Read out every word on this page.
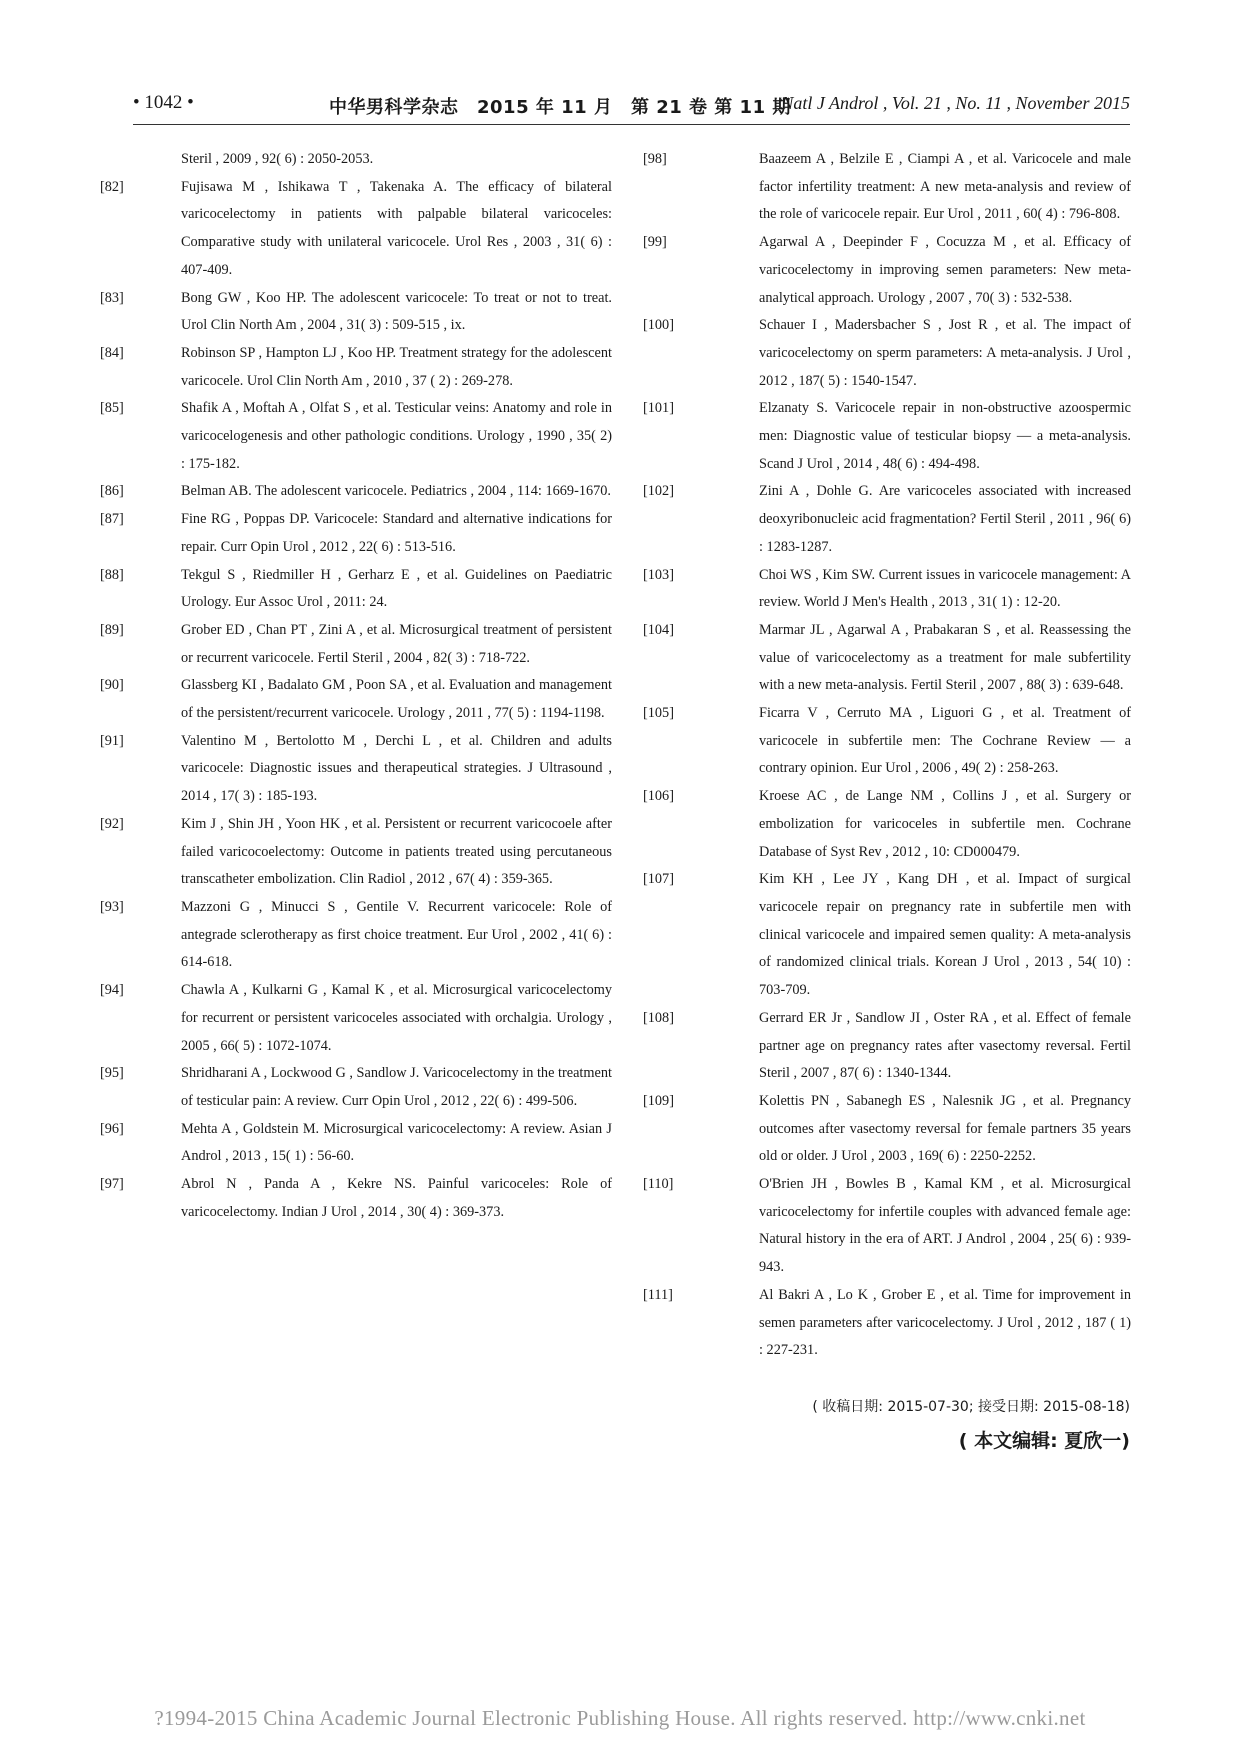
• 1042 •	中华男科学杂志　2015 年 11 月　第 21 卷 第 11 期
Natl J Androl , Vol. 21 , No. 11 , November 2015

Steril , 2009 , 92( 6) : 2050-2053.

[82]	Fujisawa M , Ishikawa T , Takenaka A. The efficacy of bilateral varicocelectomy in patients with palpable bilateral varicoceles: Comparative study with unilateral varicocele. Urol Res , 2003 , 31( 6) : 407-409.

[83]	Bong GW , Koo HP. The adolescent varicocele: To treat or not to treat. Urol Clin North Am , 2004 , 31( 3) : 509-515 , ix.

[84]	Robinson SP , Hampton LJ , Koo HP. Treatment strategy for the adolescent varicocele. Urol Clin North Am , 2010 , 37 ( 2) : 269-278.

[85]	Shafik A , Moftah A , Olfat S , et al. Testicular veins: Anatomy and role in varicocelogenesis and other pathologic conditions. Urology , 1990 , 35( 2) : 175-182.

[86]	Belman AB. The adolescent varicocele. Pediatrics , 2004 , 114: 1669-1670.

[87]	Fine RG , Poppas DP. Varicocele: Standard and alternative indications for repair. Curr Opin Urol , 2012 , 22( 6) : 513-516.

[88]	Tekgul S , Riedmiller H , Gerharz E , et al. Guidelines on Paediatric Urology. Eur Assoc Urol , 2011: 24.

[89]	Grober ED , Chan PT , Zini A , et al. Microsurgical treatment of persistent or recurrent varicocele. Fertil Steril , 2004 , 82( 3) : 718-722.

[90]	Glassberg KI , Badalato GM , Poon SA , et al. Evaluation and management of the persistent/recurrent varicocele. Urology , 2011 , 77( 5) : 1194-1198.

[91]	Valentino M , Bertolotto M , Derchi L , et al. Children and adults varicocele: Diagnostic issues and therapeutical strategies. J Ultrasound , 2014 , 17( 3) : 185-193.

[92]	Kim J , Shin JH , Yoon HK , et al. Persistent or recurrent varicocoele after failed varicocoelectomy: Outcome in patients treated using percutaneous transcatheter embolization. Clin Radiol , 2012 , 67( 4) : 359-365.

[93]	Mazzoni G , Minucci S , Gentile V. Recurrent varicocele: Role of antegrade sclerotherapy as first choice treatment. Eur Urol , 2002 , 41( 6) : 614-618.

[94]	Chawla A , Kulkarni G , Kamal K , et al. Microsurgical varicocelectomy for recurrent or persistent varicoceles associated with orchalgia. Urology , 2005 , 66( 5) : 1072-1074.

[95]	Shridharani A , Lockwood G , Sandlow J. Varicocelectomy in the treatment of testicular pain: A review. Curr Opin Urol , 2012 , 22( 6) : 499-506.

[96]	Mehta A , Goldstein M. Microsurgical varicocelectomy: A review. Asian J Androl , 2013 , 15( 1) : 56-60.

[97]	Abrol N , Panda A , Kekre NS. Painful varicoceles: Role of varicocelectomy. Indian J Urol , 2014 , 30( 4) : 369-373.

[98]	Baazeem A , Belzile E , Ciampi A , et al. Varicocele and male factor infertility treatment: A new meta-analysis and review of the role of varicocele repair. Eur Urol , 2011 , 60( 4) : 796-808.

[99]	Agarwal A , Deepinder F , Cocuzza M , et al. Efficacy of varicocelectomy in improving semen parameters: New meta-analytical approach. Urology , 2007 , 70( 3) : 532-538.

[100]	Schauer I , Madersbacher S , Jost R , et al. The impact of varicocelectomy on sperm parameters: A meta-analysis. J Urol , 2012 , 187( 5) : 1540-1547.

[101]	Elzanaty S. Varicocele repair in non-obstructive azoospermic men: Diagnostic value of testicular biopsy — a meta-analysis. Scand J Urol , 2014 , 48( 6) : 494-498.

[102]	Zini A , Dohle G. Are varicoceles associated with increased deoxyribonucleic acid fragmentation? Fertil Steril , 2011 , 96( 6) : 1283-1287.

[103]	Choi WS , Kim SW. Current issues in varicocele management: A review. World J Men's Health , 2013 , 31( 1) : 12-20.

[104]	Marmar JL , Agarwal A , Prabakaran S , et al. Reassessing the value of varicocelectomy as a treatment for male subfertility with a new meta-analysis. Fertil Steril , 2007 , 88( 3) : 639-648.

[105]	Ficarra V , Cerruto MA , Liguori G , et al. Treatment of varicocele in subfertile men: The Cochrane Review — a contrary opinion. Eur Urol , 2006 , 49( 2) : 258-263.

[106]	Kroese AC , de Lange NM , Collins J , et al. Surgery or embolization for varicoceles in subfertile men. Cochrane Database of Syst Rev , 2012 , 10: CD000479.

[107]	Kim KH , Lee JY , Kang DH , et al. Impact of surgical varicocele repair on pregnancy rate in subfertile men with clinical varicocele and impaired semen quality: A meta-analysis of randomized clinical trials. Korean J Urol , 2013 , 54( 10) : 703-709.

[108]	Gerrard ER Jr , Sandlow JI , Oster RA , et al. Effect of female partner age on pregnancy rates after vasectomy reversal. Fertil Steril , 2007 , 87( 6) : 1340-1344.

[109]	Kolettis PN , Sabanegh ES , Nalesnik JG , et al. Pregnancy outcomes after vasectomy reversal for female partners 35 years old or older. J Urol , 2003 , 169( 6) : 2250-2252.

[110]	O'Brien JH , Bowles B , Kamal KM , et al. Microsurgical varicocelectomy for infertile couples with advanced female age: Natural history in the era of ART. J Androl , 2004 , 25( 6) : 939-943.

[111]	Al Bakri A , Lo K , Grober E , et al. Time for improvement in semen parameters after varicocelectomy. J Urol , 2012 , 187 ( 1) : 227-231.

( 收稿日期: 2015-07-30; 接受日期: 2015-08-18)
( 本文编辑: 夏欣一)
?1994-2015 China Academic Journal Electronic Publishing House. All rights reserved. http://www.cnki.net
